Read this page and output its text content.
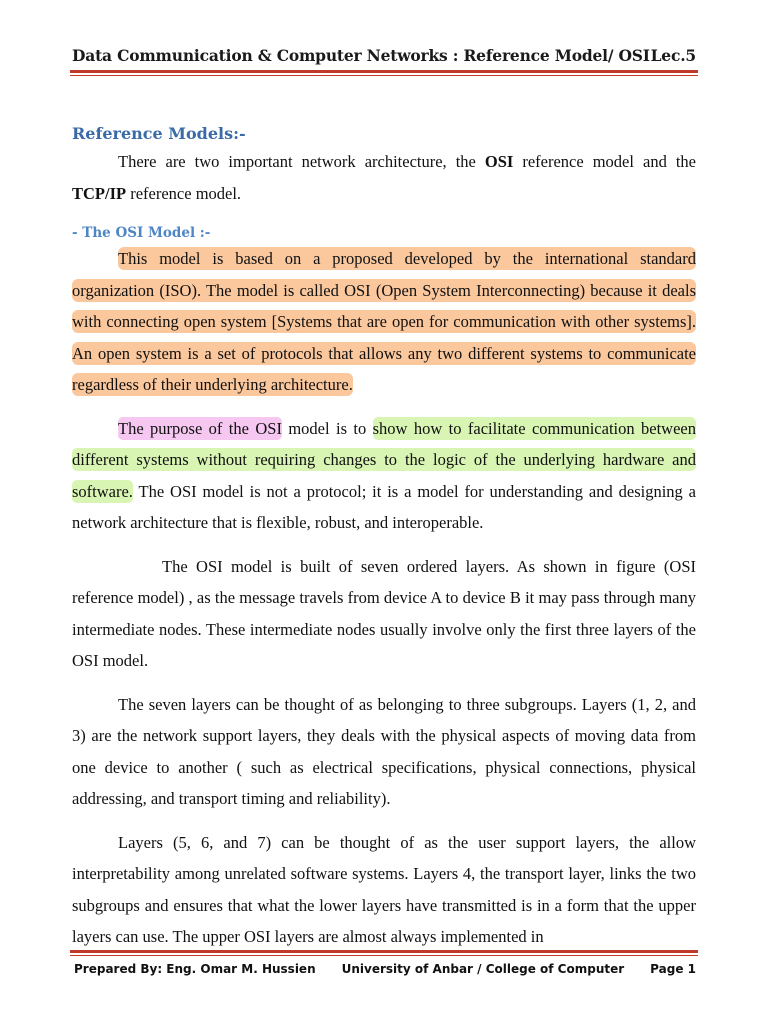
Data Communication & Computer Networks : Reference Model/ OSI Lec.5
Reference Models:-

There are two important network architecture, the OSI reference model and the TCP/IP reference model.

- The OSI Model :-

This model is based on a proposed developed by the international standard organization (ISO). The model is called OSI (Open System Interconnecting) because it deals with connecting open system [Systems that are open for communication with other systems]. An open system is a set of protocols that allows any two different systems to communicate regardless of their underlying architecture.

The purpose of the OSI model is to show how to facilitate communication between different systems without requiring changes to the logic of the underlying hardware and software. The OSI model is not a protocol; it is a model for understanding and designing a network architecture that is flexible, robust, and interoperable.

The OSI model is built of seven ordered layers. As shown in figure (OSI reference model) , as the message travels from device A to device B it may pass through many intermediate nodes. These intermediate nodes usually involve only the first three layers of the OSI model.

The seven layers can be thought of as belonging to three subgroups. Layers (1, 2, and 3) are the network support layers, they deals with the physical aspects of moving data from one device to another ( such as electrical specifications, physical connections, physical addressing, and transport timing and reliability).

Layers (5, 6, and 7) can be thought of as the user support layers, the allow interpretability among unrelated software systems. Layers 4, the transport layer, links the two subgroups and ensures that what the lower layers have transmitted is in a form that the upper layers can use. The upper OSI layers are almost always implemented in

Prepared By: Eng. Omar M. Hussien University of Anbar / College of Computer Page 1
